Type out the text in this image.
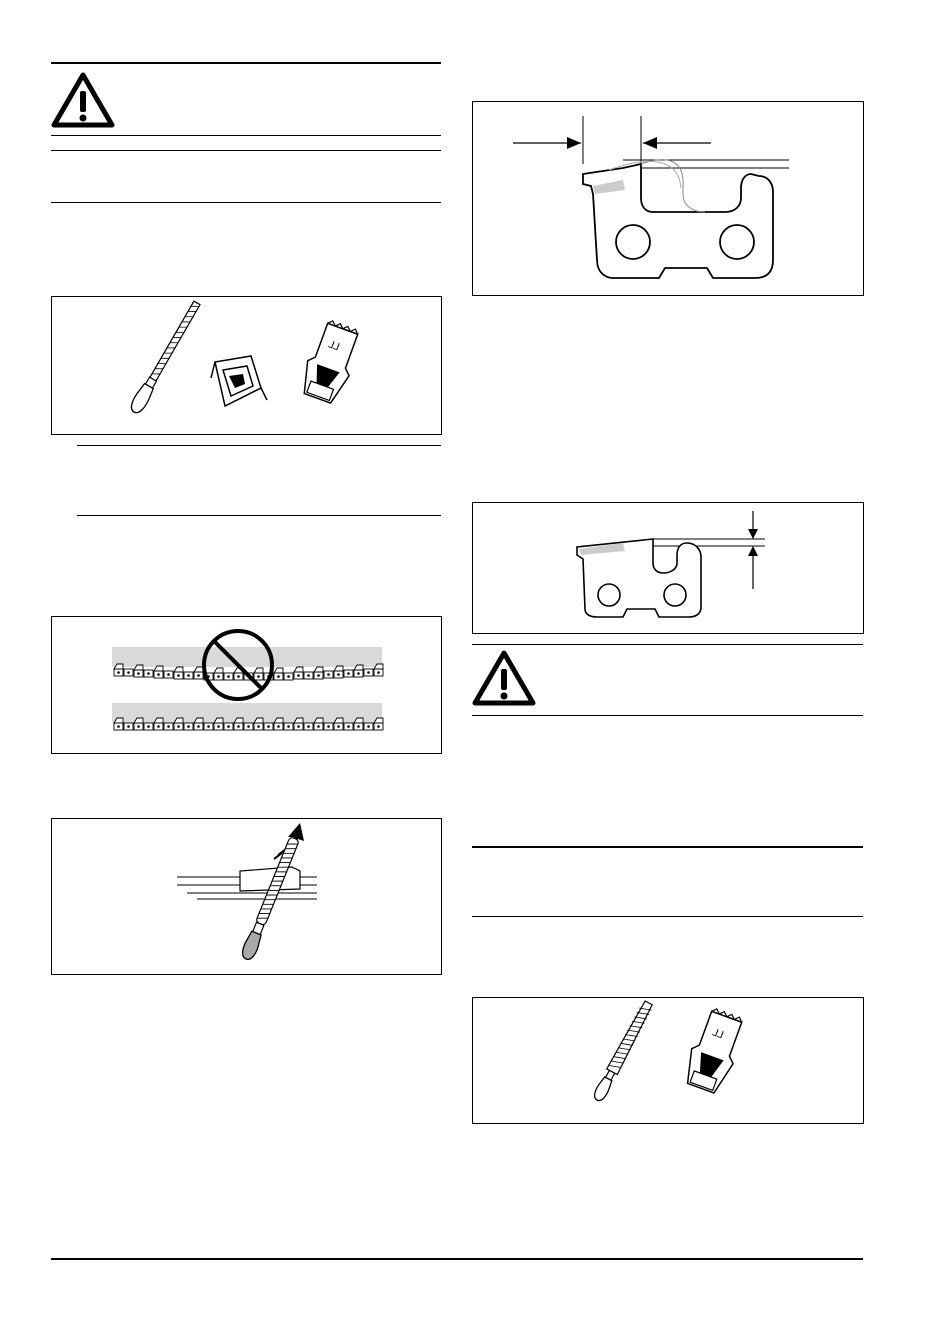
⅃⅃
⅃⅃
